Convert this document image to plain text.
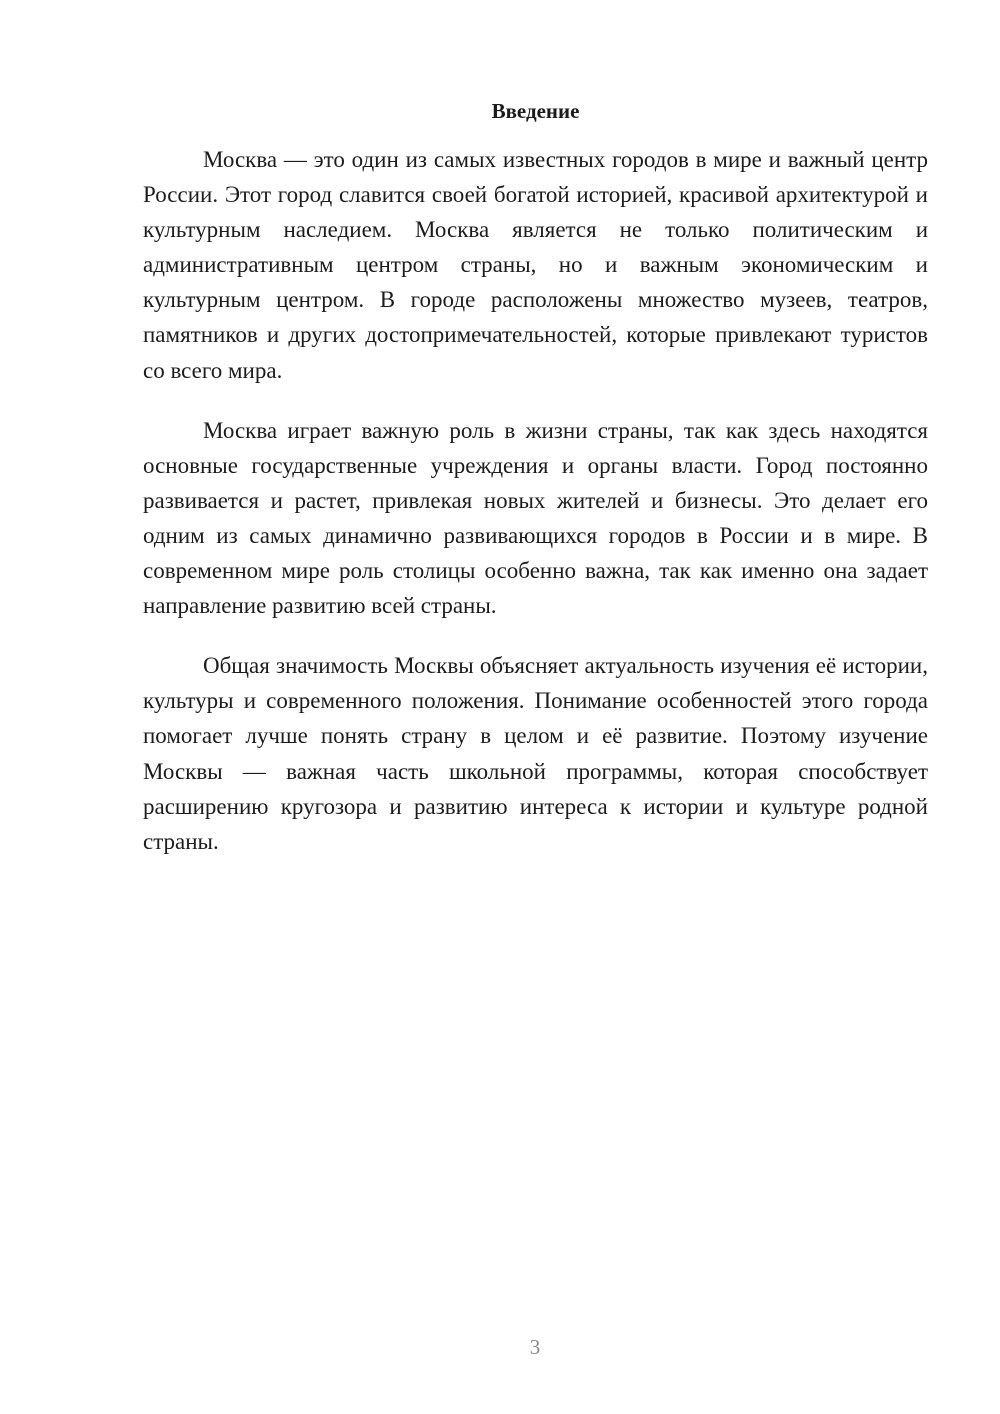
Введение

Москва — это один из самых известных городов в мире и важный центр России. Этот город славится своей богатой историей, красивой архитектурой и культурным наследием. Москва является не только политическим и административным центром страны, но и важным экономическим и культурным центром. В городе расположены множество музеев, театров, памятников и других достопримечательностей, которые привлекают туристов со всего мира.

Москва играет важную роль в жизни страны, так как здесь находятся основные государственные учреждения и органы власти. Город постоянно развивается и растет, привлекая новых жителей и бизнесы. Это делает его одним из самых динамично развивающихся городов в России и в мире. В современном мире роль столицы особенно важна, так как именно она задает направление развитию всей страны.

Общая значимость Москвы объясняет актуальность изучения её истории, культуры и современного положения. Понимание особенностей этого города помогает лучше понять страну в целом и её развитие. Поэтому изучение Москвы — важная часть школьной программы, которая способствует расширению кругозора и развитию интереса к истории и культуре родной страны.

3
